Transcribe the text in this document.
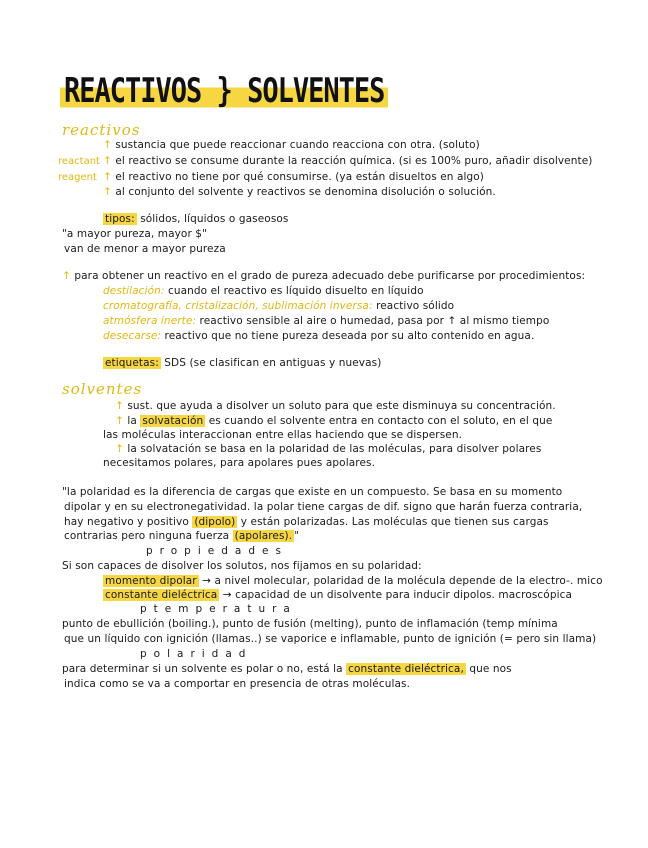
REACTIVOS } SOLVENTES
reactivos
↑ sustancia que puede reaccionar cuando reacciona con otra. (soluto)
reactant ↑ el reactivo se consume durante la reacción química. (si es 100% puro, añadir disolvente)
reagent ↑ el reactivo no tiene por qué consumirse. (ya están disueltos en algo)
↑ al conjunto del solvente y reactivos se denomina disolución o solución.
tipos: sólidos, líquidos o gaseosos
"a mayor pureza, mayor $"
van de menor a mayor pureza
↑ para obtener un reactivo en el grado de pureza adecuado debe purificarse por procedimientos:
destilación: cuando el reactivo es líquido disuelto en líquido
cromatografía, cristalización, sublimación inversa: reactivo sólido
atmósfera inerte: reactivo sensible al aire o humedad, pasa por ↑ al mismo tiempo
desecarse: reactivo que no tiene pureza deseada por su alto contenido en agua.
etiquetas: SDS (se clasifican en antiguas y nuevas)
solventes
↑ sust. que ayuda a disolver un soluto para que este disminuya su concentración.
↑ la solvatación es cuando el solvente entra en contacto con el soluto, en el que
las moléculas interaccionan entre ellas haciendo que se dispersen.
↑ la solvatación se basa en la polaridad de las moléculas, para disolver polares
necesitamos polares, para apolares pues apolares.
"la polaridad es la diferencia de cargas que existe en un compuesto. Se basa en su momento
dipolar y en su electronegatividad. la polar tiene cargas de dif. signo que harán fuerza contraria,
hay negativo y positivo (dipolo) y están polarizadas. Las moléculas que tienen sus cargas
contrarias pero ninguna fuerza (apolares). "
propiedades
Si son capaces de disolver los solutos, nos fijamos en su polaridad:
momento dipolar → a nivel molecular, polaridad de la molécula depende de la electro-. mico
constante dieléctrica → capacidad de un disolvente para inducir dipolos. macroscópica
ptemperatura
punto de ebullición (boiling.), punto de fusión (melting), punto de inflamación (temp mínima
que un líquido con ignición (llamas..) se vaporice e inflamable, punto de ignición (= pero sin llama)
polaridad
para determinar si un solvente es polar o no, está la constante dieléctrica, que nos
indica como se va a comportar en presencia de otras moléculas.
